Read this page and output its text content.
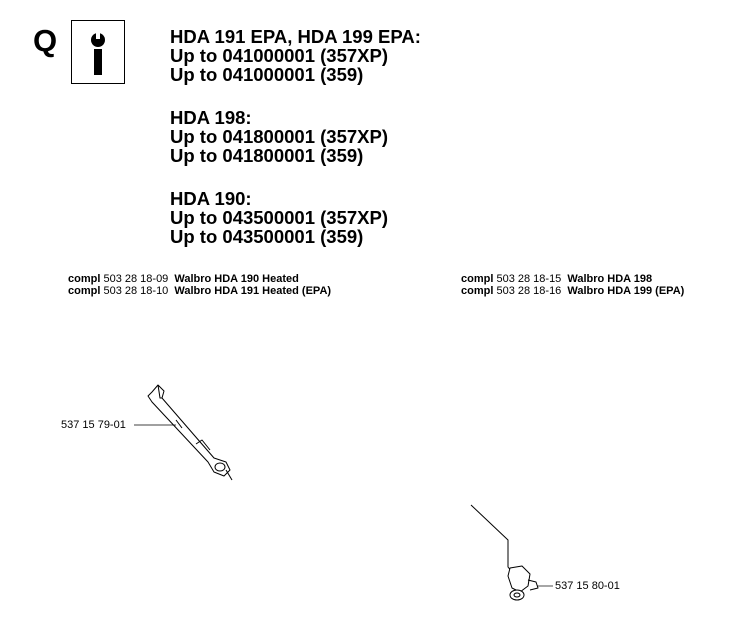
Q	HDA 191 EPA, HDA 199 EPA:
Up to 041000001 (357XP)
Up to 041000001 (359)
HDA 198:
Up to 041800001 (357XP)
Up to 041800001 (359)
HDA 190:
Up to 043500001 (357XP)
Up to 043500001 (359)
compl 503 28 18-09 Walbro HDA 190 Heated
compl 503 28 18-10 Walbro HDA 191 Heated (EPA)
compl 503 28 18-15 Walbro HDA 198
compl 503 28 18-16 Walbro HDA 199 (EPA)
537 15 79-01
537 15 80-01
